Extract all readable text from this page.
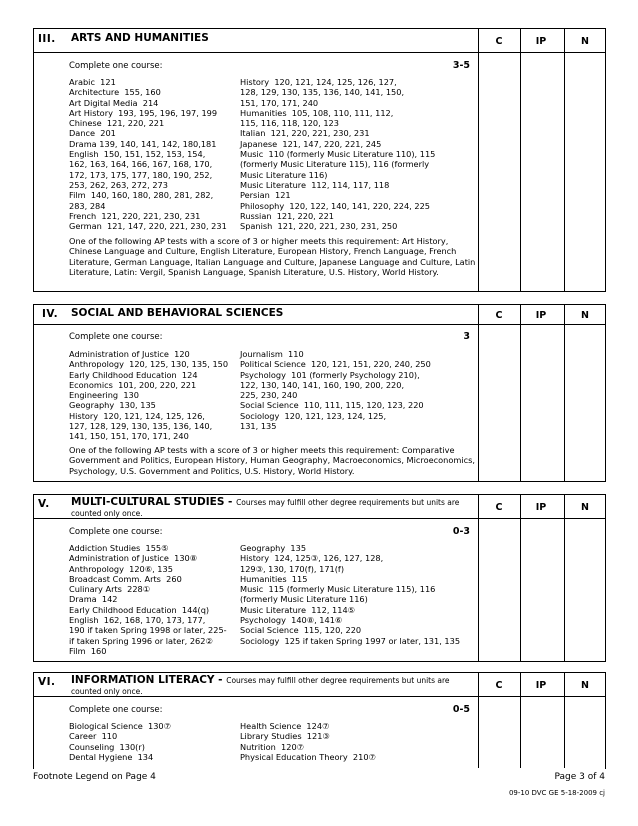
C	IP	N
III. ARTS AND HUMANITIES
Complete one course:	3-5
Arabic  121
Architecture  155, 160
Art Digital Media  214
Art History  193, 195, 196, 197, 199
Chinese  121, 220, 221
Dance  201
Drama 139, 140, 141, 142, 180,181
English  150, 151, 152, 153, 154,
162, 163, 164, 166, 167, 168, 170,
172, 173, 175, 177, 180, 190, 252,
253, 262, 263, 272, 273
Film  140, 160, 180, 280, 281, 282,
283, 284
French  121, 220, 221, 230, 231
German  121, 147, 220, 221, 230, 231
History  120, 121, 124, 125, 126, 127,
128, 129, 130, 135, 136, 140, 141, 150,
151, 170, 171, 240
Humanities  105, 108, 110, 111, 112,
115, 116, 118, 120, 123
Italian  121, 220, 221, 230, 231
Japanese  121, 147, 220, 221, 245
Music  110 (formerly Music Literature 110), 115
(formerly Music Literature 115), 116 (formerly
Music Literature 116)
Music Literature  112, 114, 117, 118
Persian  121
Philosophy  120, 122, 140, 141, 220, 224, 225
Russian  121, 220, 221
Spanish  121, 220, 221, 230, 231, 250
One of the following AP tests with a score of 3 or higher meets this requirement: Art History, Chinese Language and Culture, English Literature, European History, French Language, French Literature, German Language, Italian Language and Culture, Japanese Language and Culture, Latin Literature, Latin: Vergil, Spanish Language, Spanish Literature, U.S. History, World History.
C	IP	N
IV. SOCIAL AND BEHAVIORAL SCIENCES
Complete one course:	3
Administration of Justice  120
Anthropology  120, 125, 130, 135, 150
Early Childhood Education  124
Economics  101, 200, 220, 221
Engineering  130
Geography  130, 135
History  120, 121, 124, 125, 126,
127, 128, 129, 130, 135, 136, 140,
141, 150, 151, 170, 171, 240
Journalism  110
Political Science  120, 121, 151, 220, 240, 250
Psychology  101 (formerly Psychology 210),
122, 130, 140, 141, 160, 190, 200, 220,
225, 230, 240
Social Science  110, 111, 115, 120, 123, 220
Sociology  120, 121, 123, 124, 125,
131, 135
One of the following AP tests with a score of 3 or higher meets this requirement: Comparative Government and Politics, European History, Human Geography, Macroeconomics, Microeconomics, Psychology, U.S. Government and Politics, U.S. History, World History.
C	IP	N
V. MULTI-CULTURAL STUDIES - Courses may fulfill other degree requirements but units are counted only once.
Complete one course:	0-3
Addiction Studies  155⑤
Administration of Justice  130⑧
Anthropology  120⑥, 135
Broadcast Comm. Arts  260
Culinary Arts  228①
Drama  142
Early Childhood Education  144(q)
English  162, 168, 170, 173, 177,
190 if taken Spring 1998 or later, 225-
if taken Spring 1996 or later, 262②
Film  160
Geography  135
History  124, 125③, 126, 127, 128,
129③, 130, 170(f), 171(f)
Humanities  115
Music  115 (formerly Music Literature 115), 116
(formerly Music Literature 116)
Music Literature  112, 114⑤
Psychology  140⑧, 141⑥
Social Science  115, 120, 220
Sociology  125 if taken Spring 1997 or later, 131, 135
C	IP	N
VI. INFORMATION LITERACY - Courses may fulfill other degree requirements but units are counted only once.
Complete one course:	0-5
Biological Science  130⑦
Career  110
Counseling  130(r)
Dental Hygiene  134
Health Science  124⑦
Library Studies  121③
Nutrition  120⑦
Physical Education Theory  210⑦
Footnote Legend on Page 4	Page 3 of 4
09-10 DVC GE 5-18-2009 cj
